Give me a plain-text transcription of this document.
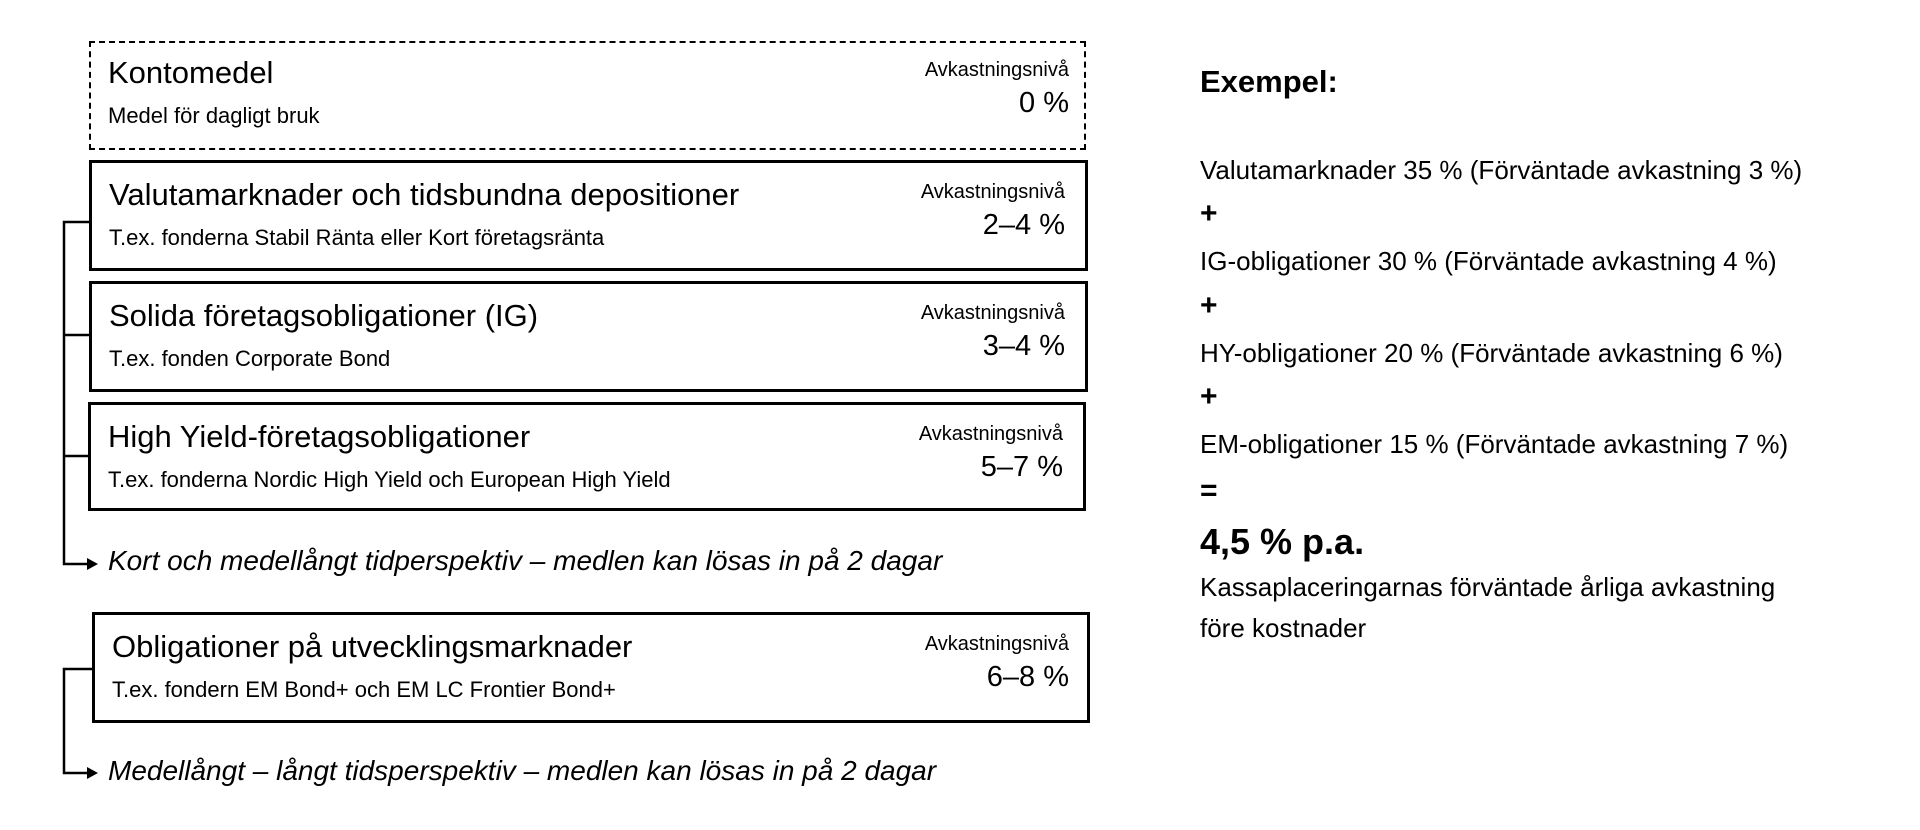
Kontomedel
Medel för dagligt bruk
Avkastningsnivå
0 %
Valutamarknader och tidsbundna depositioner
T.ex. fonderna Stabil Ränta eller Kort företagsränta
Avkastningsnivå
2–4 %
Solida företagsobligationer (IG)
T.ex. fonden Corporate Bond
Avkastningsnivå
3–4 %
High Yield-företagsobligationer
T.ex. fonderna Nordic High Yield och European High Yield
Avkastningsnivå
5–7 %
Obligationer på utvecklingsmarknader
T.ex. fondern EM Bond+ och EM LC Frontier Bond+
Avkastningsnivå
6–8 %
Kort och medellångt tidperspektiv – medlen kan lösas in på 2 dagar
Medellångt – långt tidsperspektiv – medlen kan lösas in på 2 dagar
Exempel:
Valutamarknader 35 % (Förväntade avkastning 3 %)
+
IG-obligationer 30 % (Förväntade avkastning 4 %)
+
HY-obligationer 20 % (Förväntade avkastning 6 %)
+
EM-obligationer 15 % (Förväntade avkastning 7 %)
=
4,5 % p.a.
Kassaplaceringarnas förväntade årliga avkastning
före kostnader
